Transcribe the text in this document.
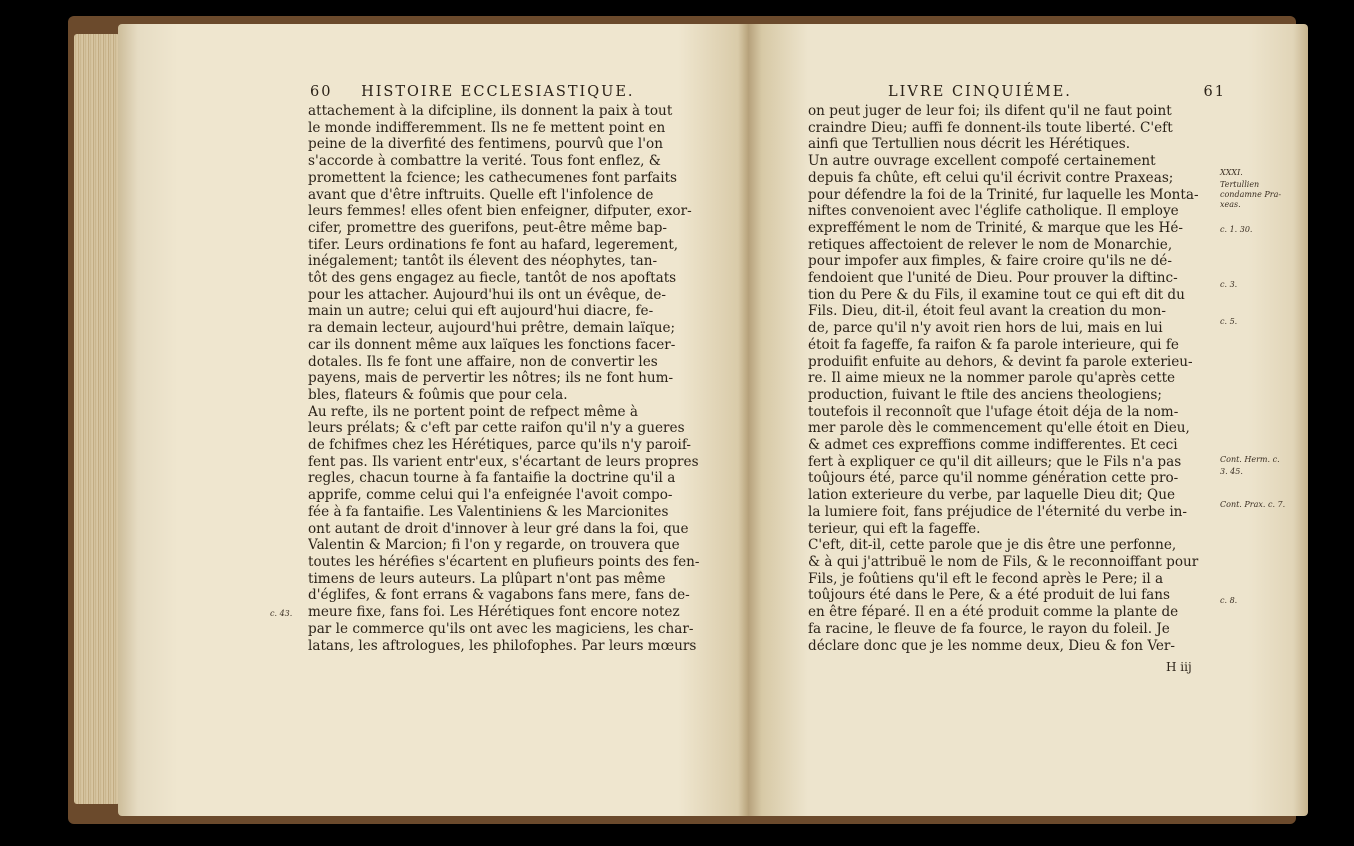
60 HISTOIRE ECCLESIASTIQUE.
attachement à la difcipline, ils donnent la paix à tout
le monde indifferemment. Ils ne fe mettent point en
peine de la diverfité des fentimens, pourvû que l'on
s'accorde à combattre la verité. Tous font enflez, &
promettent la fcience; les cathecumenes font parfaits
avant que d'être inftruits. Quelle eft l'infolence de
leurs femmes! elles ofent bien enfeigner, difputer, exor-
cifer, promettre des guerifons, peut-être même bap-
tifer. Leurs ordinations fe font au hafard, legerement,
inégalement; tantôt ils élevent des néophytes, tan-
tôt des gens engagez au fiecle, tantôt de nos apoftats
pour les attacher. Aujourd'hui ils ont un évêque, de-
main un autre; celui qui eft aujourd'hui diacre, fe-
ra demain lecteur, aujourd'hui prêtre, demain laïque;
car ils donnent même aux laïques les fonctions facer-
dotales. Ils fe font une affaire, non de convertir les
payens, mais de pervertir les nôtres; ils ne font hum-
bles, flateurs & foûmis que pour cela.
Au refte, ils ne portent point de refpect même à
leurs prélats; & c'eft par cette raifon qu'il n'y a gueres
de fchifmes chez les Hérétiques, parce qu'ils n'y paroif-
fent pas. Ils varient entr'eux, s'écartant de leurs propres
regles, chacun tourne à fa fantaifie la doctrine qu'il a
apprife, comme celui qui l'a enfeignée l'avoit compo-
fée à fa fantaifie. Les Valentiniens & les Marcionites
ont autant de droit d'innover à leur gré dans la foi, que
Valentin & Marcion; fi l'on y regarde, on trouvera que
toutes les héréfies s'écartent en plufieurs points des fen-
timens de leurs auteurs. La plûpart n'ont pas même
d'églifes, & font errans & vagabons fans mere, fans de-
meure fixe, fans foi. Les Hérétiques font encore notez
par le commerce qu'ils ont avec les magiciens, les char-
latans, les aftrologues, les philofophes. Par leurs mœurs
c. 43.
LIVRE CINQUIÉME.	61
on peut juger de leur foi; ils difent qu'il ne faut point
craindre Dieu; auffi fe donnent-ils toute liberté. C'eft
ainfi que Tertullien nous décrit les Hérétiques.
Un autre ouvrage excellent compofé certainement
depuis fa chûte, eft celui qu'il écrivit contre Praxeas;
pour défendre la foi de la Trinité, fur laquelle les Monta-
niftes convenoient avec l'églife catholique. Il employe
expreffément le nom de Trinité, & marque que les Hé-
retiques affectoient de relever le nom de Monarchie,
pour impofer aux fimples, & faire croire qu'ils ne dé-
fendoient que l'unité de Dieu. Pour prouver la diftinc-
tion du Pere & du Fils, il examine tout ce qui eft dit du
Fils. Dieu, dit-il, étoit feul avant la creation du mon-
de, parce qu'il n'y avoit rien hors de lui, mais en lui
étoit fa fageffe, fa raifon & fa parole interieure, qui fe
produifit enfuite au dehors, & devint fa parole exterieu-
re. Il aime mieux ne la nommer parole qu'après cette
production, fuivant le ftile des anciens theologiens;
toutefois il reconnoît que l'ufage étoit déja de la nom-
mer parole dès le commencement qu'elle étoit en Dieu,
& admet ces expreffions comme indifferentes. Et ceci
fert à expliquer ce qu'il dit ailleurs; que le Fils n'a pas
toûjours été, parce qu'il nomme génération cette pro-
lation exterieure du verbe, par laquelle Dieu dit; Que
la lumiere foit, fans préjudice de l'éternité du verbe in-
terieur, qui eft la fageffe.
C'eft, dit-il, cette parole que je dis être une perfonne,
& à qui j'attribuë le nom de Fils, & le reconnoiffant pour
Fils, je foûtiens qu'il eft le fecond après le Pere; il a
toûjours été dans le Pere, & a été produit de lui fans
en être féparé. Il en a été produit comme la plante de
fa racine, le fleuve de fa fource, le rayon du foleil. Je
déclare donc que je les nomme deux, Dieu & fon Ver-
XXXI.
Tertullien
condamne Pra-
xeas.
c. 1. 30.
c. 3.
c. 5.
Cont. Herm. c.
3. 45.
Cont. Prax. c. 7.
c. 8.
H iij
